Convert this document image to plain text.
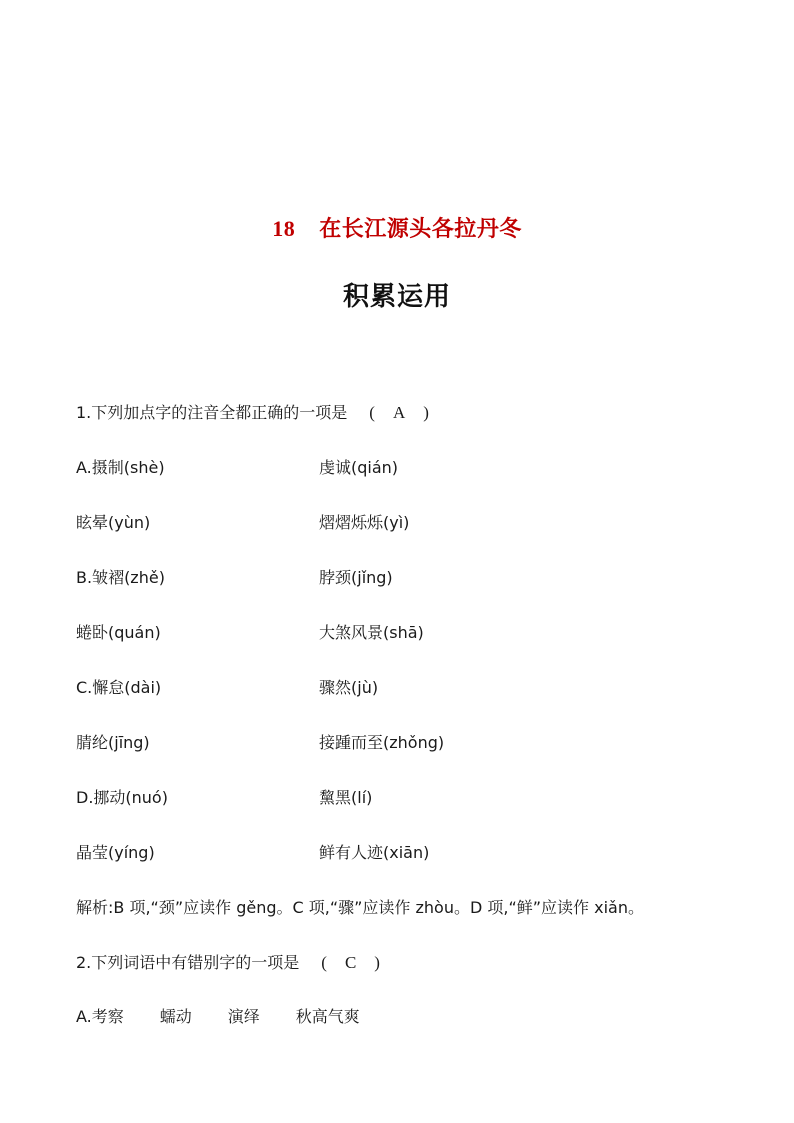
18 在长江源头各拉丹冬
积累运用
1.下列加点字的注音全都正确的一项是 ( A )
A.摄制(shè)	虔诚(qián)
眩晕(yùn)	熠熠烁烁(yì)
B.皱褶(zhě)	脖颈(jǐng)
蜷卧(quán)	大煞风景(shā)
C.懈怠(dài)	骤然(jù)
腈纶(jīng)	接踵而至(zhǒng)
D.挪动(nuó)	黧黑(lí)
晶莹(yíng)	鲜有人迹(xiān)
解析:B 项,“颈”应读作 gěng。C 项,“骤”应读作 zhòu。D 项,“鲜”应读作 xiǎn。
2.下列词语中有错别字的一项是 ( C )
A.考察 蠕动 演绎 秋高气爽
